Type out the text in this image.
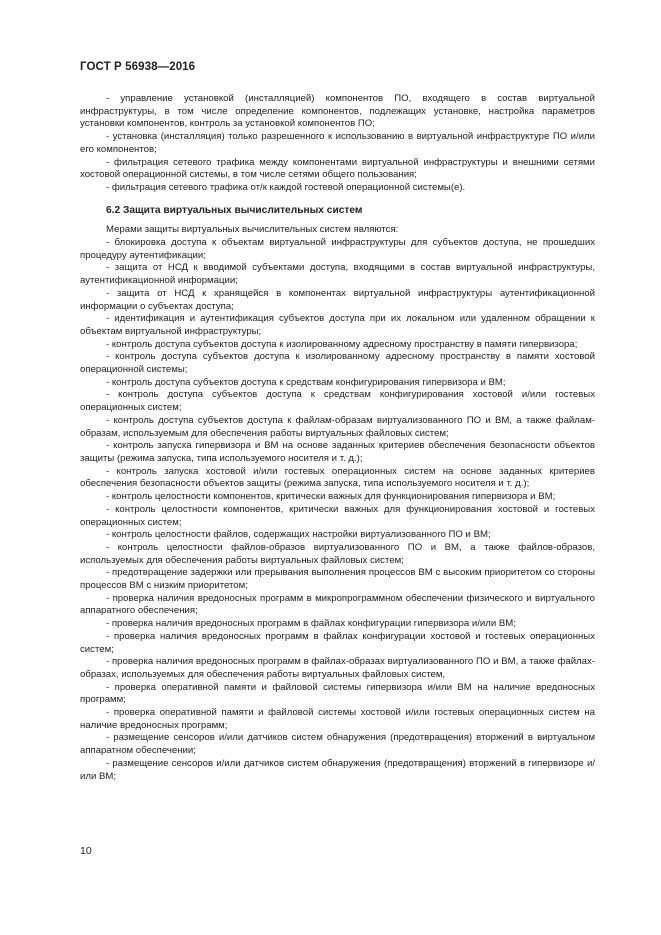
ГОСТ Р 56938—2016

- управление установкой (инсталляцией) компонентов ПО, входящего в состав виртуальной инфраструктуры, в том числе определение компонентов, подлежащих установке, настройка параметров установки компонентов, контроль за установкой компонентов ПО;

- установка (инсталляция) только разрешенного к использованию в виртуальной инфраструктуре ПО и/или его компонентов;

- фильтрация сетевого трафика между компонентами виртуальной инфраструктуры и внешними сетями хостовой операционной системы, в том числе сетями общего пользования;

- фильтрация сетевого трафика от/к каждой гостевой операционной системы(е).

6.2 Защита виртуальных вычислительных систем

Мерами защиты виртуальных вычислительных систем являются:

- блокировка доступа к объектам виртуальной инфраструктуры для субъектов доступа, не прошедших процедуру аутентификации;

- защита от НСД к вводимой субъектами доступа, входящими в состав виртуальной инфраструктуры, аутентификационной информации;

- защита от НСД к хранящейся в компонентах виртуальной инфраструктуры аутентификационной информации о субъектах доступа;

- идентификация и аутентификация субъектов доступа при их локальном или удаленном обращении к объектам виртуальной инфраструктуры;

- контроль доступа субъектов доступа к изолированному адресному пространству в памяти гипервизора;

- контроль доступа субъектов доступа к изолированному адресному пространству в памяти хостовой операционной системы;

- контроль доступа субъектов доступа к средствам конфигурирования гипервизора и ВМ;

- контроль доступа субъектов доступа к средствам конфигурирования хостовой и/или гостевых операционных систем;

- контроль доступа субъектов доступа к файлам-образам виртуализованного ПО и ВМ, а также файлам-образам, используемым для обеспечения работы виртуальных файловых систем;

- контроль запуска гипервизора и ВМ на основе заданных критериев обеспечения безопасности объектов защиты (режима запуска, типа используемого носителя и т. д.);

- контроль запуска хостовой и/или гостевых операционных систем на основе заданных критериев обеспечения безопасности объектов защиты (режима запуска, типа используемого носителя и т. д.);

- контроль целостности компонентов, критически важных для функционирования гипервизора и ВМ;

- контроль целостности компонентов, критически важных для функционирования хостовой и гостевых операционных систем;

- контроль целостности файлов, содержащих настройки виртуализованного ПО и ВМ;

- контроль целостности файлов-образов виртуализованного ПО и ВМ, а также файлов-образов, используемых для обеспечения работы виртуальных файловых систем;

- предотвращение задержки или прерывания выполнения процессов ВМ с высоким приоритетом со стороны процессов ВМ с низким приоритетом;

- проверка наличия вредоносных программ в микропрограммном обеспечении физического и виртуального аппаратного обеспечения;

- проверка наличия вредоносных программ в файлах конфигурации гипервизора и/или ВМ;

- проверка наличия вредоносных программ в файлах конфигурации хостовой и гостевых операционных систем;

- проверка наличия вредоносных программ в файлах-образах виртуализованного ПО и ВМ, а также файлах-образах, используемых для обеспечения работы виртуальных файловых систем,

- проверка оперативной памяти и файловой системы гипервизора и/или ВМ на наличие вредоносных программ;

- проверка оперативной памяти и файловой системы хостовой и/или гостевых операционных систем на наличие вредоносных программ;

- размещение сенсоров и/или датчиков систем обнаружения (предотвращения) вторжений в виртуальном аппаратном обеспечении;

- размещение сенсоров и/или датчиков систем обнаружения (предотвращения) вторжений в гипервизоре и/или ВМ;

10
